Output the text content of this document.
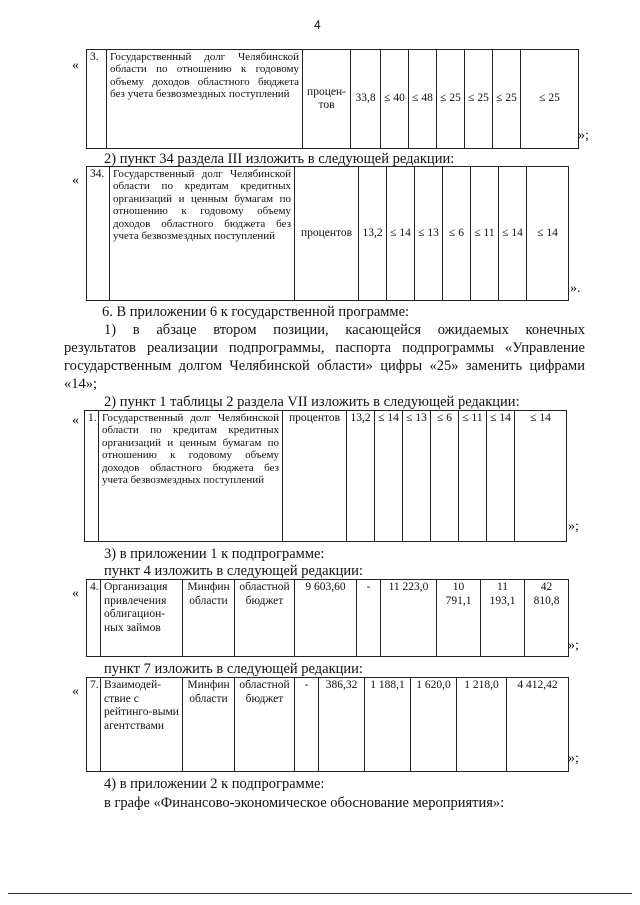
4
«
3.	Государственный долг Челябинской области по отношению к годовому объему доходов областного бюджета без учета безвозмездных поступлений	процен-тов	33,8	≤ 40	≤ 48	≤ 25	≤ 25	≤ 25	≤ 25
»;
2) пункт 34 раздела III изложить в следующей редакции:
« 34.	Государственный долг Челябинской области по кредитам кредитных организаций и ценным бумагам по отношению к годовому объему доходов областного бюджета без учета безвозмездных поступлений	процентов	13,2	≤ 14	≤ 13	≤ 6	≤ 11	≤ 14	≤ 14
».
6. В приложении 6 к государственной программе:
1) в абзаце втором позиции, касающейся ожидаемых конечных
результатов реализации подпрограммы, паспорта подпрограммы «Управление
государственным долгом Челябинской области» цифры «25» заменить цифрами
«14»;
2) пункт 1 таблицы 2 раздела VII изложить в следующей редакции:
« 1.	Государственный долг Челябинской области по кредитам кредитных организаций и ценным бумагам по отношению к годовому объему доходов областного бюджета без учета безвозмездных поступлений	процентов	13,2	≤ 14	≤ 13	≤ 6	≤ 11	≤ 14	≤ 14
»;
3) в приложении 1 к подпрограмме:
пункт 4 изложить в следующей редакции:
« 4.	Организация привлечения облигацион-ных займов	Минфин области	областной бюджет	9 603,60	-	11 223,0	10 791,1	11 193,1	42 810,8
»;
пункт 7 изложить в следующей редакции:
« 7.	Взаимодей-ствие с рейтинго-выми агентствами	Минфин области	областной бюджет	-	386,32	1 188,1	1 620,0	1 218,0	4 412,42
»;
4) в приложении 2 к подпрограмме:
в графе «Финансово-экономическое обоснование мероприятия»:
